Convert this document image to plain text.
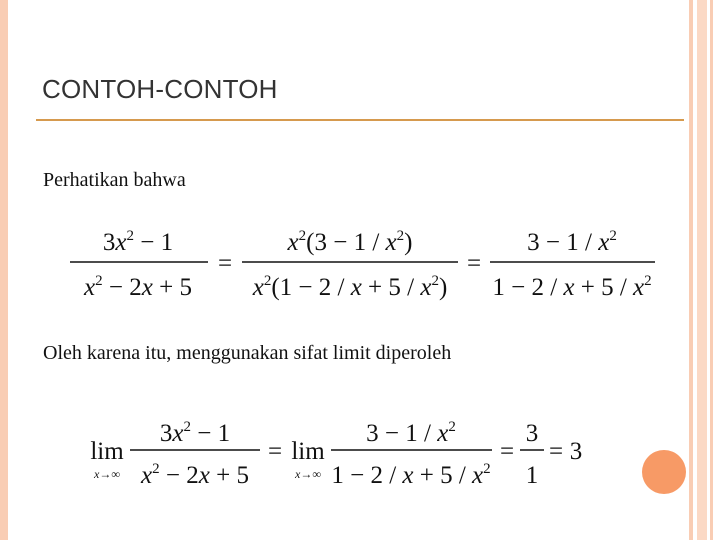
CONTOH-CONTOH
Perhatikan bahwa
$3x^2 - 1$
$x^2 - 2x + 5$
=
$x^2(3 - 1 / x^2)$
$x^2(1 - 2 / x + 5 / x^2)$
=
$3 - 1 / x^2$
$1 - 2 / x + 5 / x^2$
Oleh karena itu, menggunakan sifat limit diperoleh
lim
x→∞
$3x^2 - 1$
$x^2 - 2x + 5$
= lim
x→∞
$3 - 1 / x^2$
$1 - 2 / x + 5 / x^2$
=
3
1
= 3
